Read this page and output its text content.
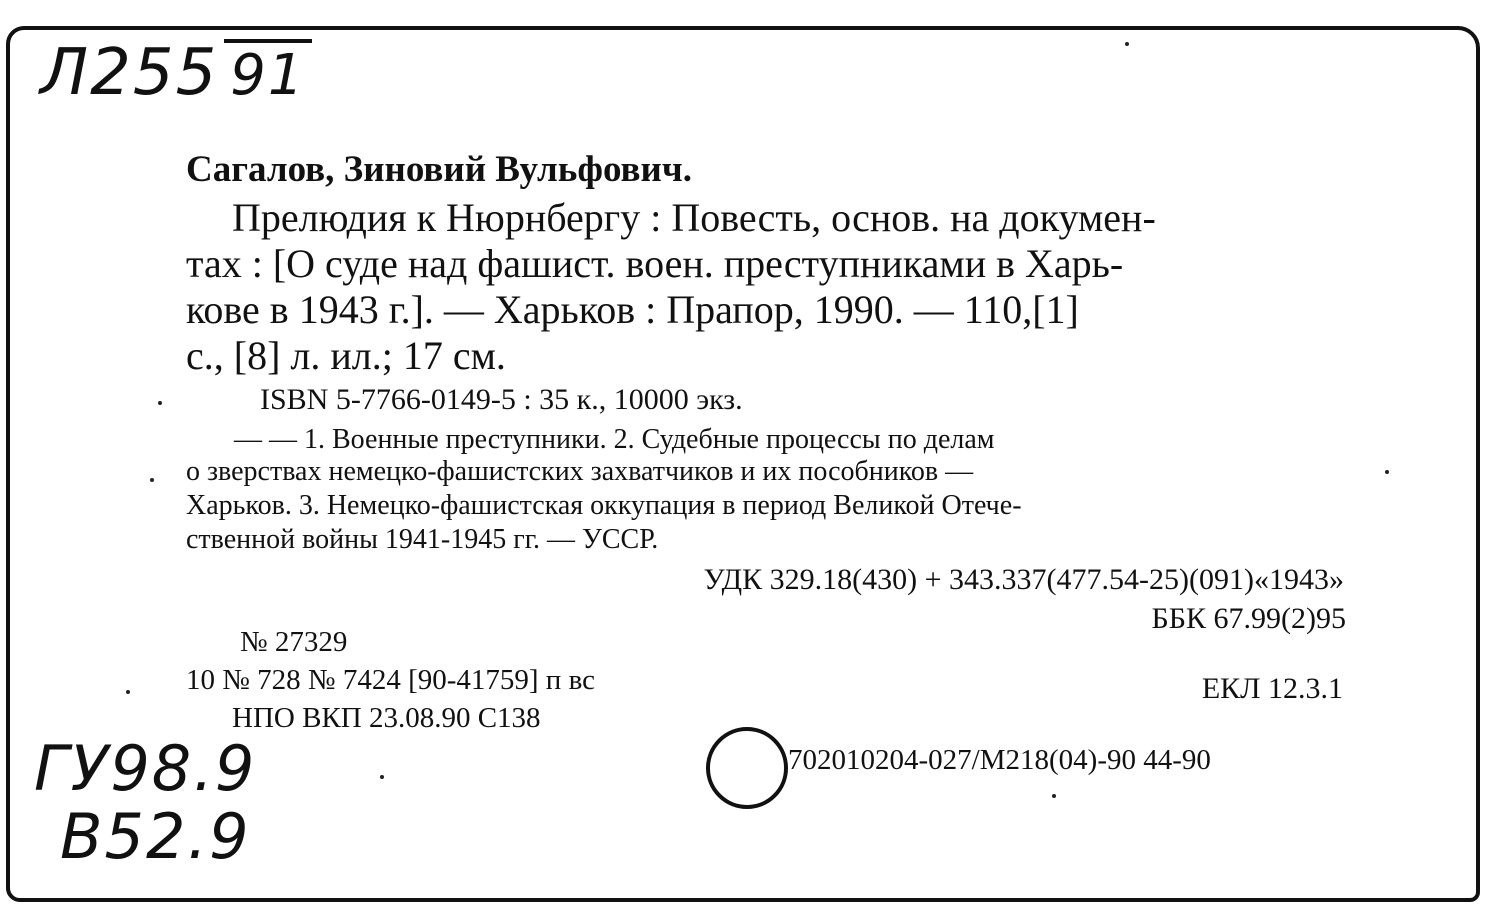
Л255 91
Сагалов, Зиновий Вульфович.
Прелюдия к Нюрнбергу : Повесть, основ. на докумен-
тах : [О суде над фашист. воен. преступниками в Харь-
кове в 1943 г.]. — Харьков : Прапор, 1990. — 110,[1]
с., [8] л. ил.; 17 см.
ISBN 5-7766-0149-5 : 35 к., 10000 экз.
— — 1. Военные преступники. 2. Судебные процессы по делам
о зверствах немецко-фашистских захватчиков и их пособников —
Харьков. 3. Немецко-фашистская оккупация в период Великой Отече-
ственной войны 1941-1945 гг. — УССР.
УДК 329.18(430) + 343.337(477.54-25)(091)«1943»
ББК 67.99(2)95
№ 27329
10 № 728 № 7424 [90-41759] п вс	ЕКЛ 12.3.1
НПО ВКП 23.08.90 С138
702010204-027/М218(04)-90 44-90
ГУ98.9
В52.9
